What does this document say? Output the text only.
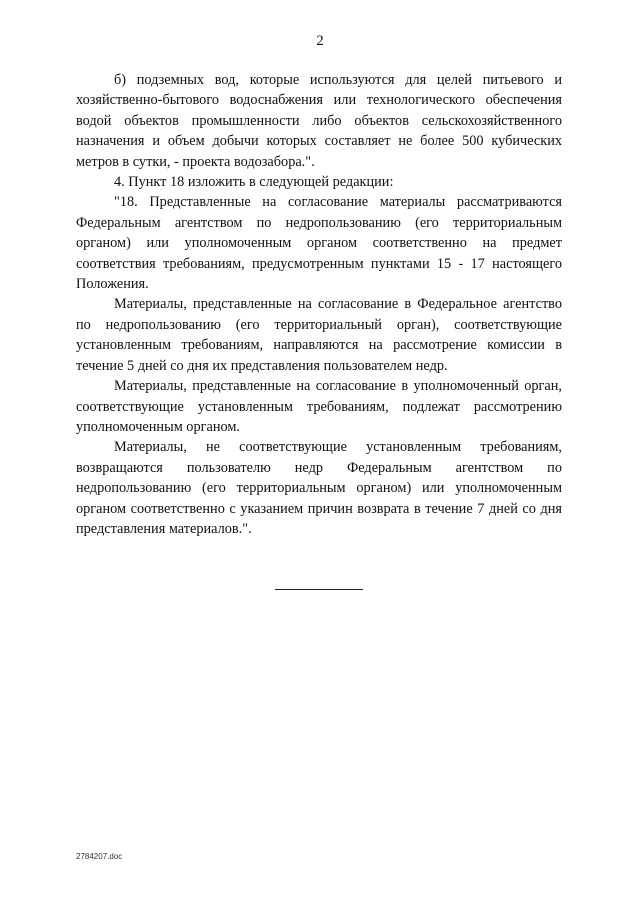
2

б) подземных вод, которые используются для целей питьевого и хозяйственно-бытового водоснабжения или технологического обеспечения водой объектов промышленности либо объектов сельскохозяйственного назначения и объем добычи которых составляет не более 500 кубических метров в сутки, - проекта водозабора.".

4. Пункт 18 изложить в следующей редакции:

"18. Представленные на согласование материалы рассматриваются Федеральным агентством по недропользованию (его территориальным органом) или уполномоченным органом соответственно на предмет соответствия требованиям, предусмотренным пунктами 15 - 17 настоящего Положения.

Материалы, представленные на согласование в Федеральное агентство по недропользованию (его территориальный орган), соответствующие установленным требованиям, направляются на рассмотрение комиссии в течение 5 дней со дня их представления пользователем недр.

Материалы, представленные на согласование в уполномоченный орган, соответствующие установленным требованиям, подлежат рассмотрению уполномоченным органом.

Материалы, не соответствующие установленным требованиям, возвращаются пользователю недр Федеральным агентством по недропользованию (его территориальным органом) или уполномоченным органом соответственно с указанием причин возврата в течение 7 дней со дня представления материалов.".

2784207.doc
